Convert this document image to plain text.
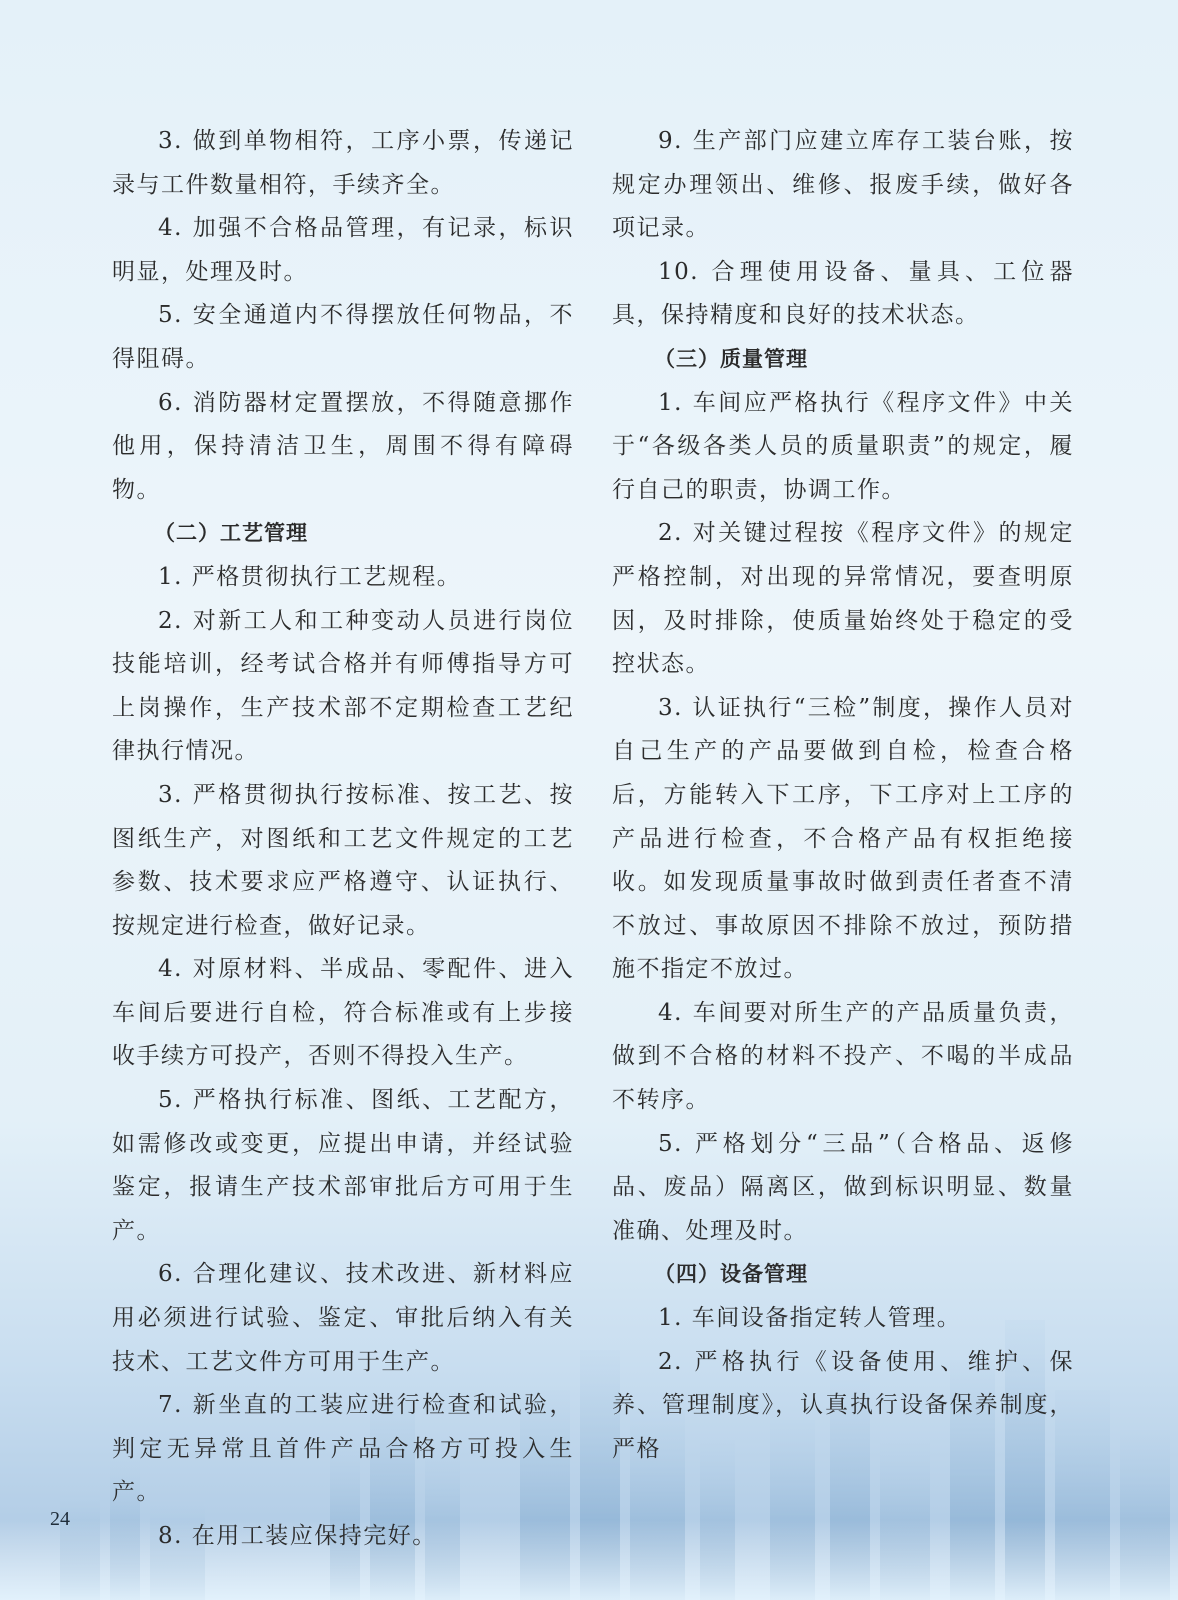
3. 做到单物相符，工序小票，传递记录与工件数量相符，手续齐全。

4. 加强不合格品管理，有记录，标识明显，处理及时。

5. 安全通道内不得摆放任何物品，不得阻碍。

6. 消防器材定置摆放，不得随意挪作他用，保持清洁卫生，周围不得有障碍物。

（二）工艺管理

1. 严格贯彻执行工艺规程。

2. 对新工人和工种变动人员进行岗位技能培训，经考试合格并有师傅指导方可上岗操作，生产技术部不定期检查工艺纪律执行情况。

3. 严格贯彻执行按标准、按工艺、按图纸生产，对图纸和工艺文件规定的工艺参数、技术要求应严格遵守、认证执行、按规定进行检查，做好记录。

4. 对原材料、半成品、零配件、进入车间后要进行自检，符合标准或有上步接收手续方可投产，否则不得投入生产。

5. 严格执行标准、图纸、工艺配方，如需修改或变更，应提出申请，并经试验鉴定，报请生产技术部审批后方可用于生产。

6. 合理化建议、技术改进、新材料应用必须进行试验、鉴定、审批后纳入有关技术、工艺文件方可用于生产。

7. 新坐直的工装应进行检查和试验，判定无异常且首件产品合格方可投入生产。

8. 在用工装应保持完好。

9. 生产部门应建立库存工装台账，按规定办理领出、维修、报废手续，做好各项记录。

10. 合理使用设备、量具、工位器具，保持精度和良好的技术状态。

（三）质量管理

1. 车间应严格执行《程序文件》中关于“各级各类人员的质量职责”的规定，履行自己的职责，协调工作。

2. 对关键过程按《程序文件》的规定严格控制，对出现的异常情况，要查明原因，及时排除，使质量始终处于稳定的受控状态。

3. 认证执行“三检”制度，操作人员对自己生产的产品要做到自检，检查合格后，方能转入下工序，下工序对上工序的产品进行检查，不合格产品有权拒绝接收。如发现质量事故时做到责任者查不清不放过、事故原因不排除不放过，预防措施不指定不放过。

4. 车间要对所生产的产品质量负责，做到不合格的材料不投产、不喝的半成品不转序。

5. 严格划分“三品”（合格品、返修品、废品）隔离区，做到标识明显、数量准确、处理及时。

（四）设备管理

1. 车间设备指定转人管理。

2. 严格执行《设备使用、维护、保养、管理制度》，认真执行设备保养制度，严格

24
